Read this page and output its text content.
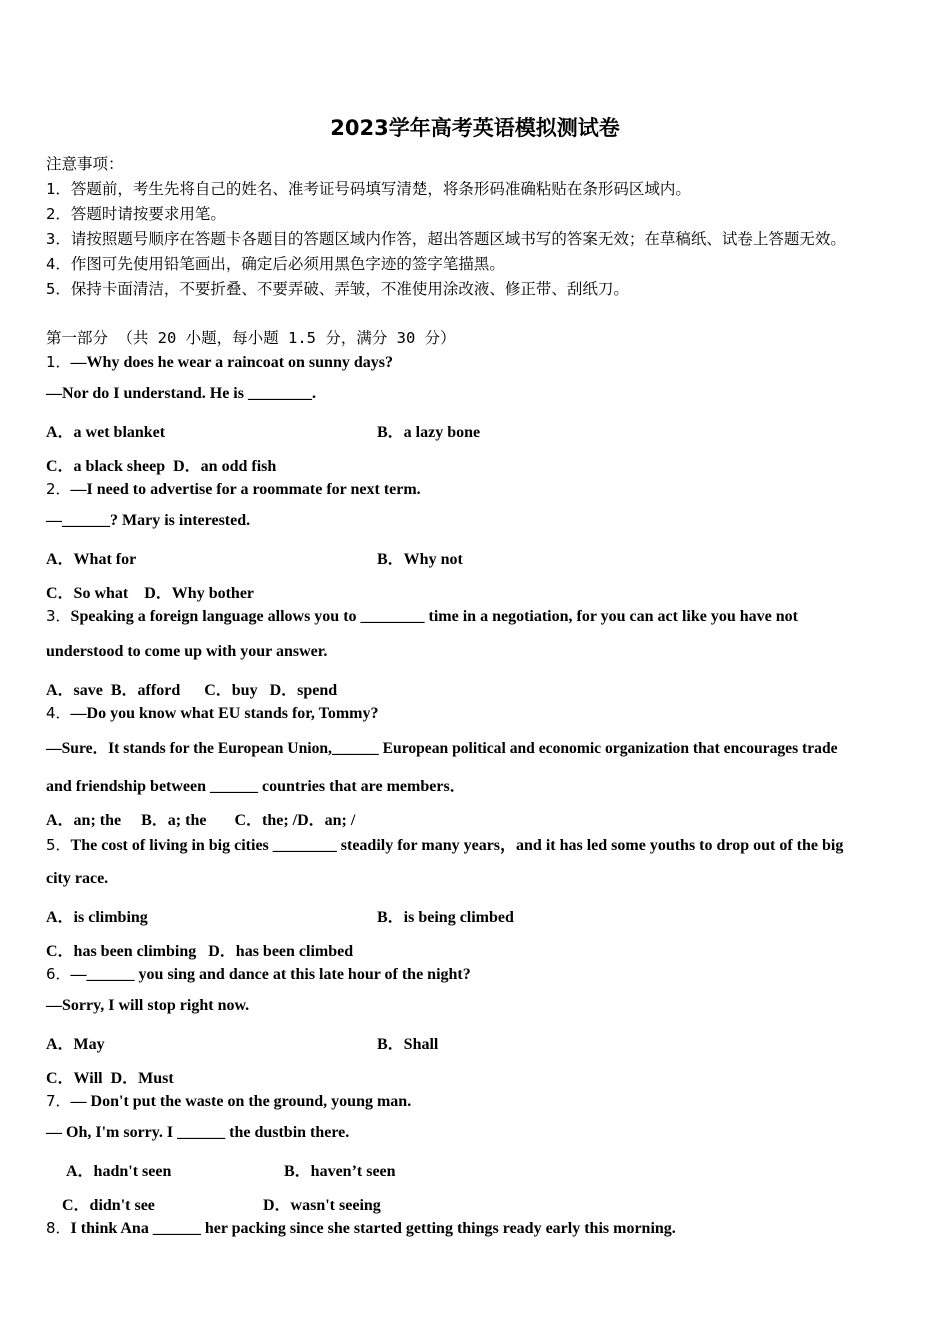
2023学年高考英语模拟测试卷
注意事项：
1．答题前，考生先将自己的姓名、准考证号码填写清楚，将条形码准确粘贴在条形码区域内。
2．答题时请按要求用笔。
3．请按照题号顺序在答题卡各题目的答题区域内作答，超出答题区域书写的答案无效；在草稿纸、试卷上答题无效。
4．作图可先使用铅笔画出，确定后必须用黑色字迹的签字笔描黑。
5．保持卡面清洁，不要折叠、不要弄破、弄皱，不准使用涂改液、修正带、刮纸刀。
第一部分 （共 20 小题，每小题 1.5 分，满分 30 分）
1．—Why does he wear a raincoat on sunny days?
—Nor do I understand. He is ________.
A．a wet blanket	B．a lazy bone
C．a black sheep  D．an odd fish
2．—I need to advertise for a roommate for next term.
—______? Mary is interested.
A．What for	B．Why not
C．So what    D．Why bother
3．Speaking a foreign language allows you to ________ time in a negotiation, for you can act like you have not
understood to come up with your answer.
A．save  B．afford      C．buy   D．spend
4．—Do you know what EU stands for, Tommy?
—Sure．It stands for the European Union,______ European political and economic organization that encourages trade
and friendship between ______ countries that are members．
A．an; the     B．a; the       C．the; /D．an; /
5．The cost of living in big cities ________ steadily for many years，and it has led some youths to drop out of the big
city race.
A．is climbing	B．is being climbed
C．has been climbing   D．has been climbed
6．—______ you sing and dance at this late hour of the night?
—Sorry, I will stop right now.
A．May	B．Shall
C．Will  D．Must
7．— Don't put the waste on the ground, young man.
— Oh, I'm sorry. I ______ the dustbin there.
A．hadn't seen	B．haven’t seen
C．didn't see	D．wasn't seeing
8．I think Ana ______ her packing since she started getting things ready early this morning.
